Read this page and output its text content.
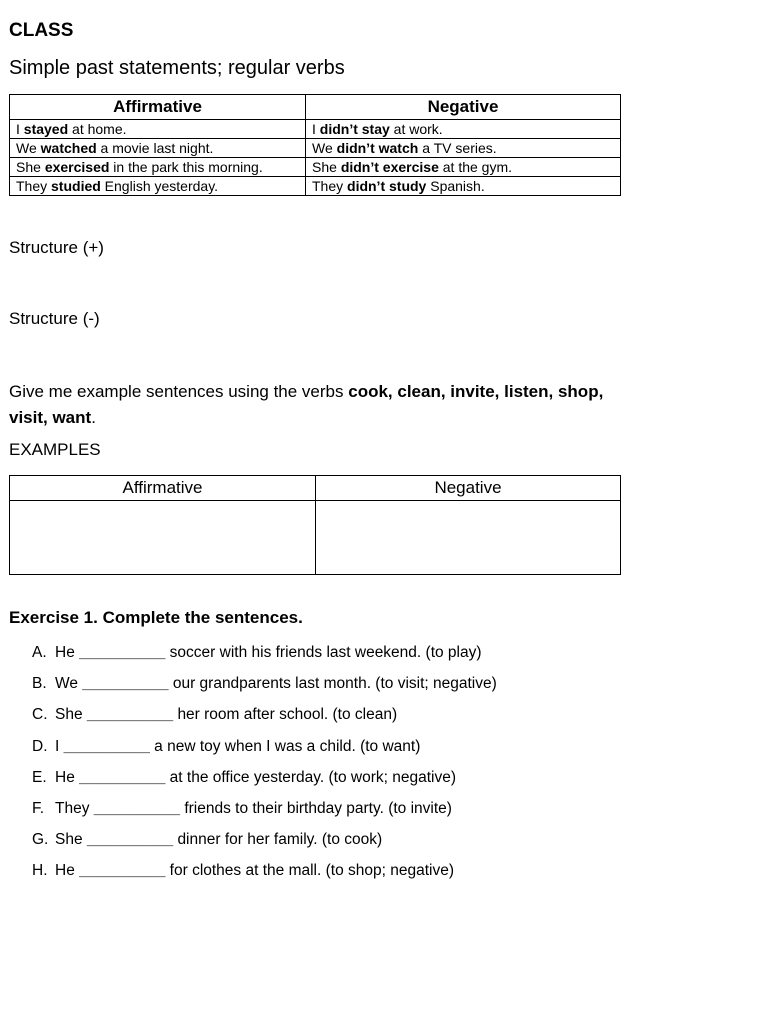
CLASS
Simple past statements; regular verbs
Affirmative	Negative
I stayed at home.	I didn’t stay at work.
We watched a movie last night.	We didn’t watch a TV series.
She exercised in the park this morning.	She didn’t exercise at the gym.
They studied English yesterday.	They didn’t study Spanish.
Structure (+)
Structure (-)
Give me example sentences using the verbs cook, clean, invite, listen, shop, visit, want.
EXAMPLES
Affirmative	Negative

Exercise 1. Complete the sentences.
A. He __________ soccer with his friends last weekend. (to play)
B. We __________ our grandparents last month. (to visit; negative)
C. She __________ her room after school. (to clean)
D. I __________ a new toy when I was a child. (to want)
E. He __________ at the office yesterday. (to work; negative)
F. They __________ friends to their birthday party. (to invite)
G. She __________ dinner for her family. (to cook)
H. He __________ for clothes at the mall. (to shop; negative)
